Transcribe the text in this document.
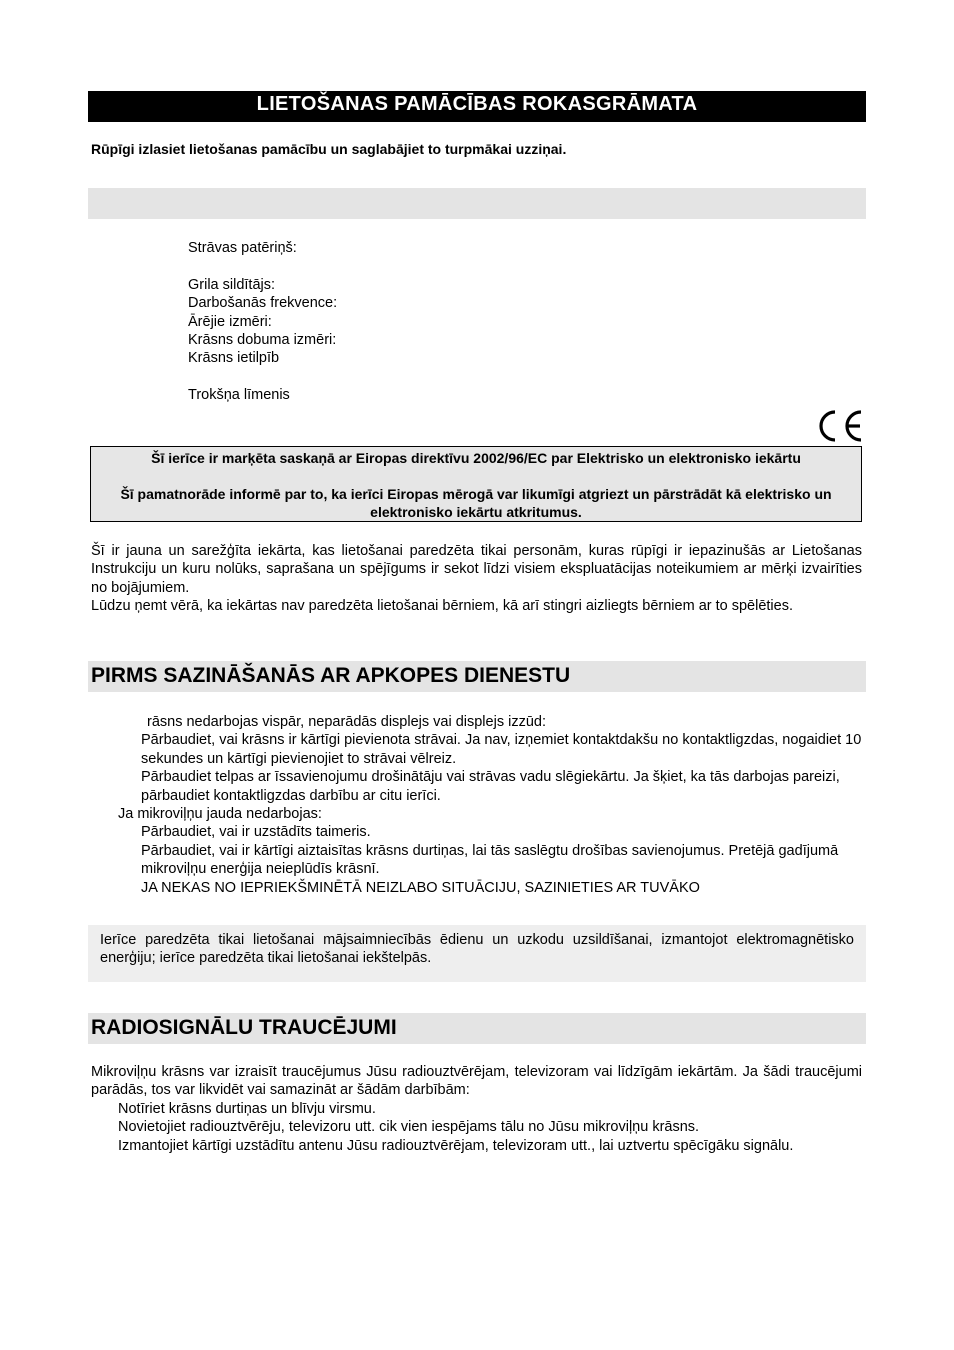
LIETOŠANAS PAMĀCĪBAS ROKASGRĀMATA
Rūpīgi izlasiet lietošanas pamācību un saglabājiet to turpmākai uzziņai.
Strāvas patēriņš:
Grila sildītājs:
Darbošanās frekvence:
Ārējie izmēri:
Krāsns dobuma izmēri:
Krāsns ietilpīb
Trokšņa līmenis

Šī ierīce ir marķēta saskaņā ar Eiropas direktīvu 2002/96/EC par Elektrisko un elektronisko iekārtu

Šī pamatnorāde informē par to, ka ierīci Eiropas mērogā var likumīgi atgriezt un pārstrādāt kā elektrisko un elektronisko iekārtu atkritumus.

Šī ir jauna un sarežģīta iekārta, kas lietošanai paredzēta tikai personām, kuras rūpīgi ir iepazinušās ar Lietošanas Instrukciju un kuru nolūks, saprašana un spējīgums ir sekot līdzi visiem ekspluatācijas noteikumiem ar mērķi izvairīties no bojājumiem.

Lūdzu ņemt vērā, ka iekārtas nav paredzēta lietošanai bērniem, kā arī stingri aizliegts bērniem ar to spēlēties.

PIRMS SAZINĀŠANĀS AR APKOPES DIENESTU

rāsns nedarbojas vispār, neparādās displejs vai displejs izzūd:

Pārbaudiet, vai krāsns ir kārtīgi pievienota strāvai. Ja nav, izņemiet kontaktdakšu no kontaktligzdas, nogaidiet 10 sekundes un kārtīgi pievienojiet to strāvai vēlreiz.

Pārbaudiet telpas ar īssavienojumu drošinātāju vai strāvas vadu slēgiekārtu. Ja šķiet, ka tās darbojas pareizi, pārbaudiet kontaktligzdas darbību ar citu ierīci.

Ja mikroviļņu jauda nedarbojas:

Pārbaudiet, vai ir uzstādīts taimeris.

Pārbaudiet, vai ir kārtīgi aiztaisītas krāsns durtiņas, lai tās saslēgtu drošības savienojumus. Pretējā gadījumā mikroviļņu enerģija neieplūdīs krāsnī.

JA NEKAS NO IEPRIEKŠMINĒTĀ NEIZLABO SITUĀCIJU, SAZINIETIES AR TUVĀKO

Ierīce paredzēta tikai lietošanai mājsaimniecībās ēdienu un uzkodu uzsildīšanai, izmantojot elektromagnētisko enerģiju; ierīce paredzēta tikai lietošanai iekštelpās.
RADIOSIGNĀLU TRAUCĒJUMI

Mikroviļņu krāsns var izraisīt traucējumus Jūsu radiouztvērējam, televizoram vai līdzīgām iekārtām. Ja šādi traucējumi parādās, tos var likvidēt vai samazināt ar šādām darbībām:

Notīriet krāsns durtiņas un blīvju virsmu.

Novietojiet radiouztvērēju, televizoru utt. cik vien iespējams tālu no Jūsu mikroviļņu krāsns.

Izmantojiet kārtīgi uzstādītu antenu Jūsu radiouztvērējam, televizoram utt., lai uztvertu spēcīgāku signālu.
